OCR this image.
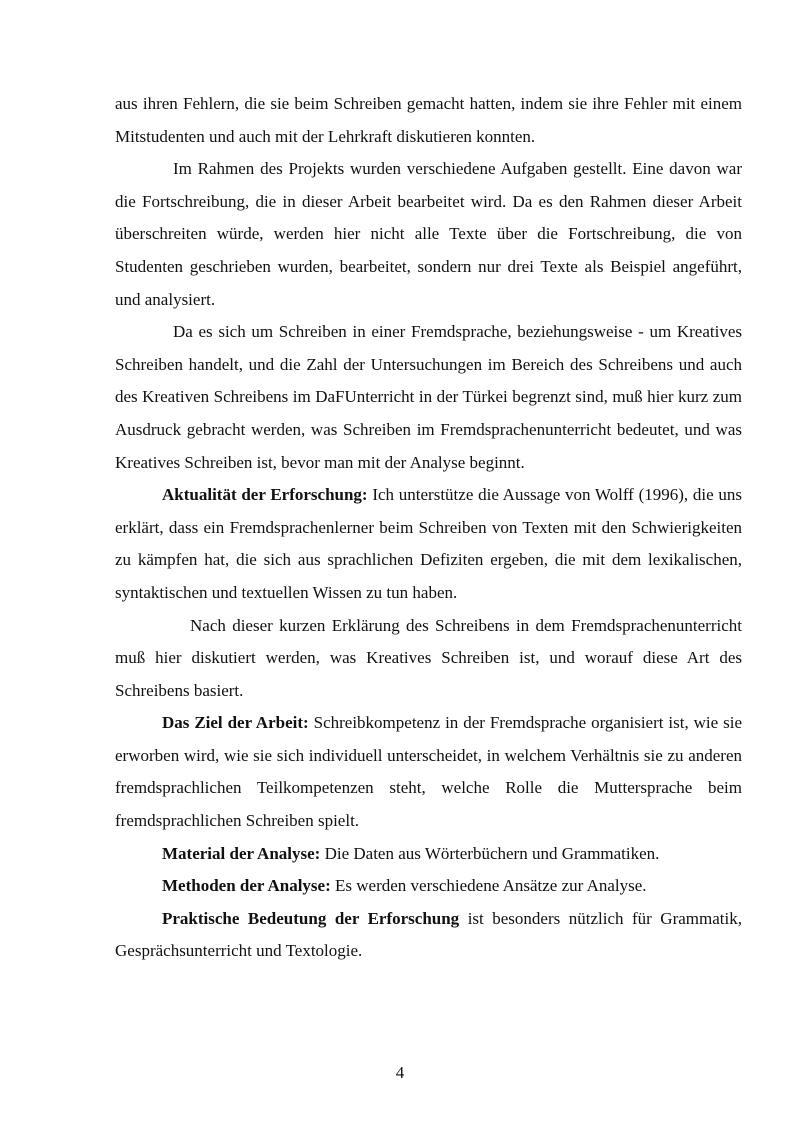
aus ihren Fehlern, die sie beim Schreiben gemacht hatten, indem sie ihre Fehler mit einem Mitstudenten und auch mit der Lehrkraft diskutieren konnten.

Im Rahmen des Projekts wurden verschiedene Aufgaben gestellt. Eine davon war die Fortschreibung, die in dieser Arbeit bearbeitet wird. Da es den Rahmen dieser Arbeit überschreiten würde, werden hier nicht alle Texte über die Fortschreibung, die von Studenten geschrieben wurden, bearbeitet, sondern nur drei Texte als Beispiel angeführt, und analysiert.

Da es sich um Schreiben in einer Fremdsprache, beziehungsweise - um Kreatives Schreiben handelt, und die Zahl der Untersuchungen im Bereich des Schreibens und auch des Kreativen Schreibens im DaFUnterricht in der Türkei begrenzt sind, muß hier kurz zum Ausdruck gebracht werden, was Schreiben im Fremdsprachenunterricht bedeutet, und was Kreatives Schreiben ist, bevor man mit der Analyse beginnt.

Aktualität der Erforschung: Ich unterstütze die Aussage von Wolff (1996), die uns erklärt, dass ein Fremdsprachenlerner beim Schreiben von Texten mit den Schwierigkeiten zu kämpfen hat, die sich aus sprachlichen Defiziten ergeben, die mit dem lexikalischen, syntaktischen und textuellen Wissen zu tun haben.

Nach dieser kurzen Erklärung des Schreibens in dem Fremdsprachenunterricht muß hier diskutiert werden, was Kreatives Schreiben ist, und worauf diese Art des Schreibens basiert.

Das Ziel der Arbeit: Schreibkompetenz in der Fremdsprache organisiert ist, wie sie erworben wird, wie sie sich individuell unterscheidet, in welchem Verhältnis sie zu anderen fremdsprachlichen Teilkompetenzen steht, welche Rolle die Muttersprache beim fremdsprachlichen Schreiben spielt.

Material der Analyse: Die Daten aus Wörterbüchern und Grammatiken.

Methoden der Analyse: Es werden verschiedene Ansätze zur Analyse.

Praktische Bedeutung der Erforschung ist besonders nützlich für Grammatik, Gesprächsunterricht und Textologie.

4
